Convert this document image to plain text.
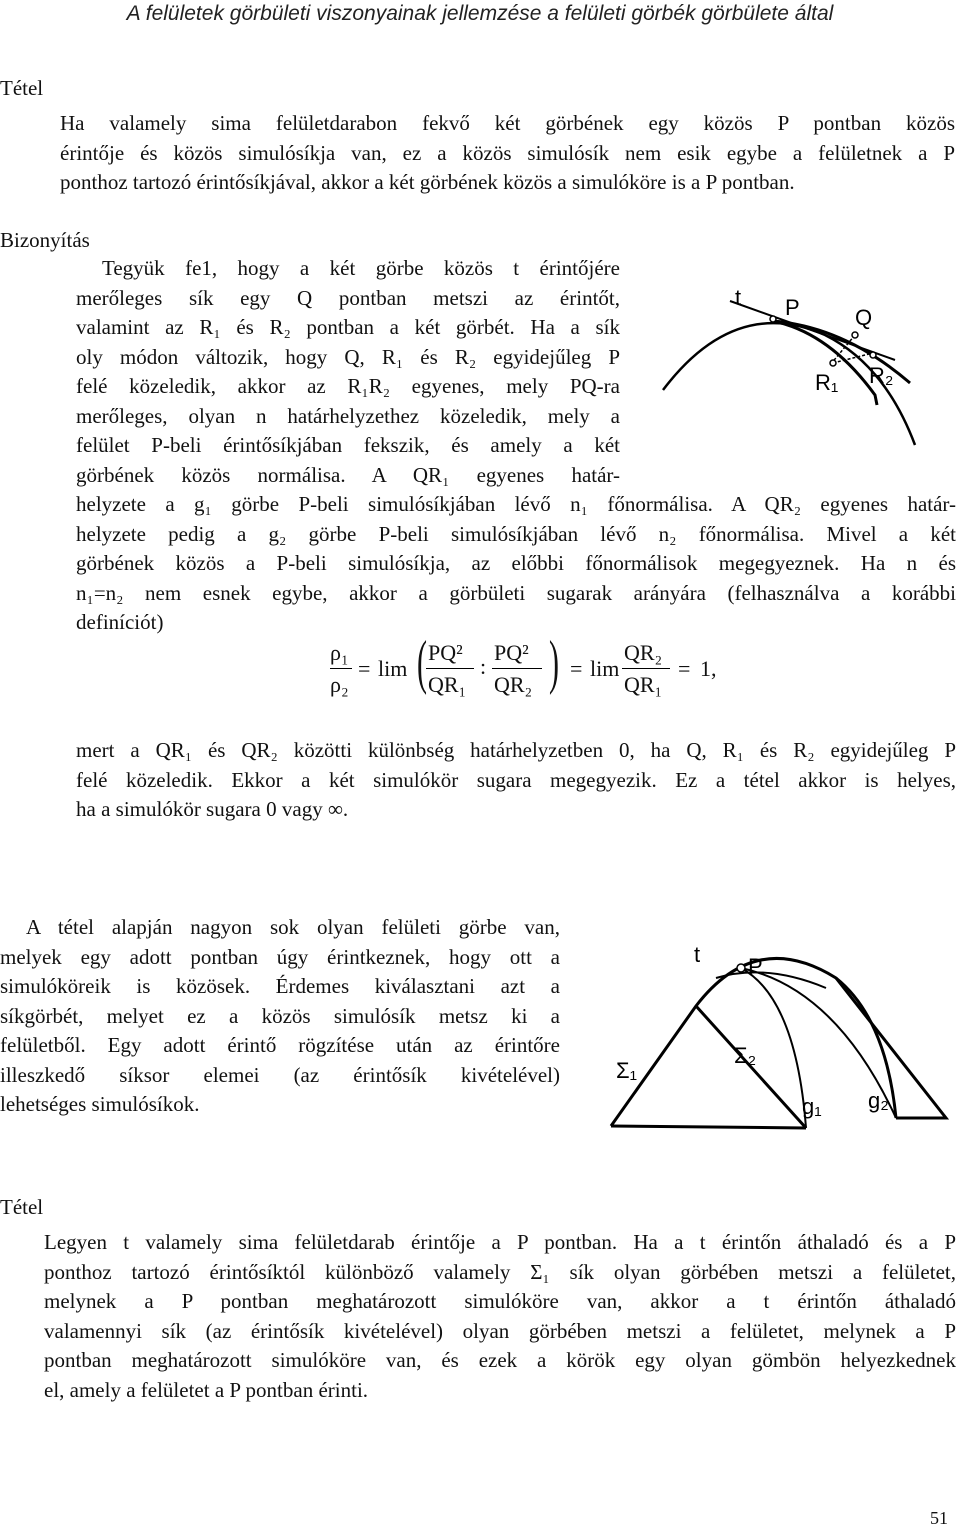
A felületek görbületi viszonyainak jellemzése a felületi görbék görbülete által
Tétel
Ha valamely sima felületdarabon fekvő két görbének egy közös P pontban közös
érintője és közös simulósíkja van, ez a közös simulósík nem esik egybe a felületnek a P
ponthoz tartozó érintősíkjával, akkor a két görbének közös a simulóköre is a P pontban.
Bizonyítás
Tegyük fe1, hogy a két görbe közös t érintőjére
merőleges sík egy Q pontban metszi az érintőt,
valamint az R₁ és R₂ pontban a két görbét. Ha a sík
oly módon változik, hogy Q, R₁ és R₂ egyidejűleg P
felé közeledik, akkor az R₁R₂ egyenes, mely PQ-ra
merőleges, olyan n határhelyzethez közeledik, mely a
felület P-beli érintősíkjában fekszik, és amely a két
görbének közös normálisa. A QR₁ egyenes határ-
helyzete a g₁ görbe P-beli simulósíkjában lévő n₁ főnormálisa. A QR₂ egyenes határ-
helyzete pedig a g₂ görbe P-beli simulósíkjában lévő n₂ főnormálisa. Mivel a két
görbének közös a P-beli simulósíkja, az előbbi főnormálisok megegyeznek. Ha n és
n₁=n₂ nem esnek egybe, akkor a görbületi sugarak arányára (felhasználva a korábbi
definíciót)
t P	Q
R₁ R₂
ρ₁
ρ₂
= lim ( PQ²
QR₁
:
PQ²
QR₂ ) = lim
QR₂
QR₁
= 1,
mert a QR₁ és QR₂ közötti különbség határhelyzetben 0, ha Q, R₁ és R₂ egyidejűleg P
felé közeledik. Ekkor a két simulókör sugara megegyezik. Ez a tétel akkor is helyes,
ha a simulókör sugara 0 vagy ∞.
A tétel alapján nagyon sok olyan felületi görbe van,
melyek egy adott pontban úgy érintkeznek, hogy ott a
simulóköreik is közösek. Érdemes kiválasztani azt a
síkgörbét, melyet ez a közös simulósík metsz ki a
felületből. Egy adott érintő rögzítése után az érintőre
illeszkedő síksor elemei (az érintősík kivételével)
lehetséges simulósíkok.
t P
Σ₂
Σ₁
g₂
g₁
Tétel
Legyen t valamely sima felületdarab érintője a P pontban. Ha a t érintőn áthaladó és a P
ponthoz tartozó érintősíktól különböző valamely Σ₁ sík olyan görbében metszi a felületet,
melynek a P pontban meghatározott simulóköre van, akkor a t érintőn áthaladó
valamennyi sík (az érintősík kivételével) olyan görbében metszi a felületet, melynek a P
pontban meghatározott simulóköre van, és ezek a körök egy olyan gömbön helyezkednek
el, amely a felületet a P pontban érinti.
51
